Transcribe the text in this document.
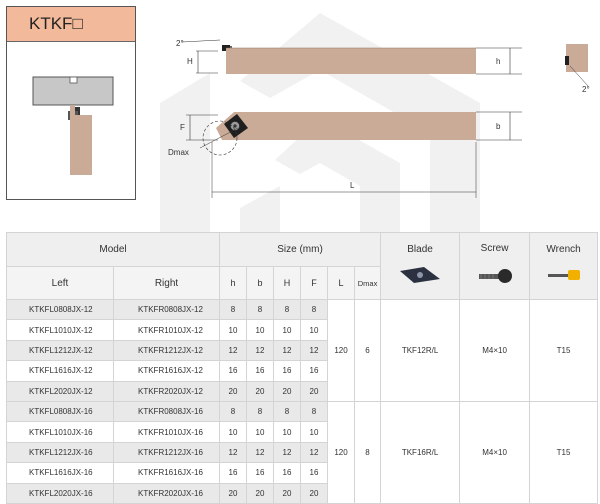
KTKF□
2°
H	h
Dmax
F	b
L
2°
Model		Size (mm)						Blade	Screw	Wrench

Left	Right	h	b	H	F	L	Dmax			
KTKFL0808JX-12	KTKFR0808JX-12	8	8	8	8	120	6	TKF12R/L	M4×10	T15
KTKFL1010JX-12	KTKFR1010JX-12	10	10	10	10					
KTKFL1212JX-12	KTKFR1212JX-12	12	12	12	12					
KTKFL1616JX-12	KTKFR1616JX-12	16	16	16	16					
KTKFL2020JX-12	KTKFR2020JX-12	20	20	20	20					
KTKFL0808JX-16	KTKFR0808JX-16	8	8	8	8	120	8	TKF16R/L	M4×10	T15
KTKFL1010JX-16	KTKFR1010JX-16	10	10	10	10					
KTKFL1212JX-16	KTKFR1212JX-16	12	12	12	12					
KTKFL1616JX-16	KTKFR1616JX-16	16	16	16	16					
KTKFL2020JX-16	KTKFR2020JX-16	20	20	20	20					
